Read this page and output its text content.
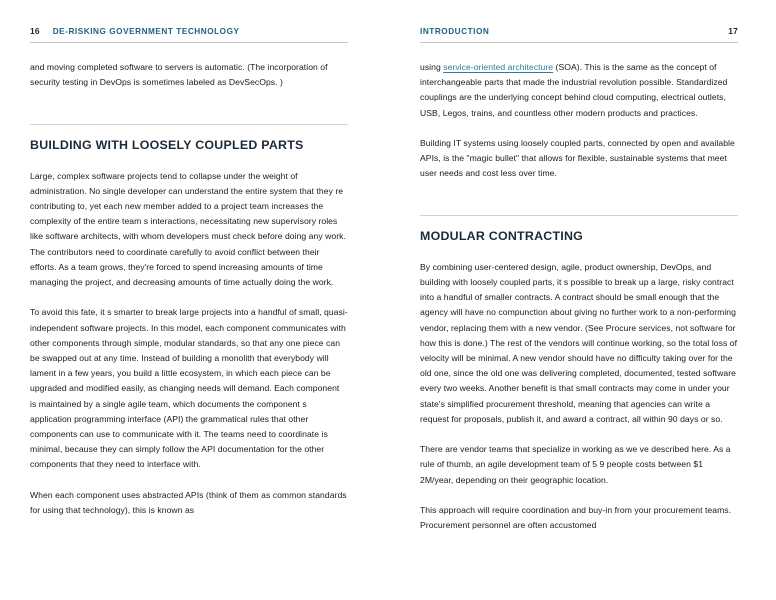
16 DE-RISKING GOVERNMENT TECHNOLOGY

and moving completed software to servers is automatic. (The incorporation of security testing in DevOps is sometimes labeled as DevSecOps. )

BUILDING WITH LOOSELY COUPLED PARTS

Large, complex software projects tend to collapse under the weight of administration. No single developer can understand the entire system that they re contributing to, yet each new member added to a project team increases the complexity of the entire team s interactions, necessitating new supervisory roles like software architects, with whom developers must check before doing any work. The contributors need to coordinate carefully to avoid conflict between their efforts. As a team grows, they're forced to spend increasing amounts of time managing the project, and decreasing amounts of time actually doing the work.

To avoid this fate, it s smarter to break large projects into a handful of small, quasi-independent software projects. In this model, each component communicates with other components through simple, modular standards, so that any one piece can be swapped out at any time. Instead of building a monolith that everybody will lament in a few years, you build a little ecosystem, in which each piece can be upgraded and modified easily, as changing needs will demand. Each component is maintained by a single agile team, which documents the component s application programming interface (API) the grammatical rules that other components can use to communicate with it. The teams need to coordinate is minimal, because they can simply follow the API documentation for the other components that they need to interface with.

When each component uses abstracted APIs (think of them as common standards for using that technology), this is known as

INTRODUCTION	17

using service-oriented architecture (SOA). This is the same as the concept of interchangeable parts that made the industrial revolution possible. Standardized couplings are the underlying concept behind cloud computing, electrical outlets, USB, Legos, trains, and countless other modern products and practices.

Building IT systems using loosely coupled parts, connected by open and available APIs, is the "magic bullet" that allows for flexible, sustainable systems that meet user needs and cost less over time.

MODULAR CONTRACTING

By combining user-centered design, agile, product ownership, DevOps, and building with loosely coupled parts, it s possible to break up a large, risky contract into a handful of smaller contracts. A contract should be small enough that the agency will have no compunction about giving no further work to a non-performing vendor, replacing them with a new vendor. (See Procure services, not software for how this is done.) The rest of the vendors will continue working, so the total loss of velocity will be minimal. A new vendor should have no difficulty taking over for the old one, since the old one was delivering completed, documented, tested software every two weeks. Another benefit is that small contracts may come in under your state's simplified procurement threshold, meaning that agencies can write a request for proposals, publish it, and award a contract, all within 90 days or so.

There are vendor teams that specialize in working as we ve described here. As a rule of thumb, an agile development team of 5 9 people costs between $1 2M/year, depending on their geographic location.

This approach will require coordination and buy-in from your procurement teams. Procurement personnel are often accustomed
